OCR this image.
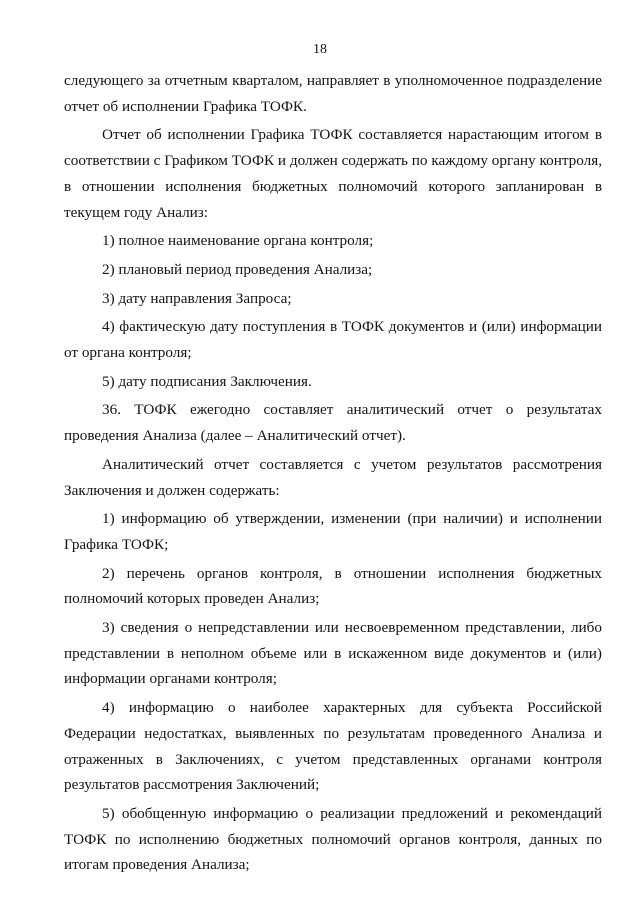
18

следующего за отчетным кварталом, направляет в уполномоченное подразделение отчет об исполнении Графика ТОФК.

Отчет об исполнении Графика ТОФК составляется нарастающим итогом в соответствии с Графиком ТОФК и должен содержать по каждому органу контроля, в отношении исполнения бюджетных полномочий которого запланирован в текущем году Анализ:

1) полное наименование органа контроля;

2) плановый период проведения Анализа;

3) дату направления Запроса;

4) фактическую дату поступления в ТОФК документов и (или) информации от органа контроля;

5) дату подписания Заключения.

36. ТОФК ежегодно составляет аналитический отчет о результатах проведения Анализа (далее – Аналитический отчет).

Аналитический отчет составляется с учетом результатов рассмотрения Заключения и должен содержать:

1) информацию об утверждении, изменении (при наличии) и исполнении Графика ТОФК;

2) перечень органов контроля, в отношении исполнения бюджетных полномочий которых проведен Анализ;

3) сведения о непредставлении или несвоевременном представлении, либо представлении в неполном объеме или в искаженном виде документов и (или) информации органами контроля;

4) информацию о наиболее характерных для субъекта Российской Федерации недостатках, выявленных по результатам проведенного Анализа и отраженных в Заключениях, с учетом представленных органами контроля результатов рассмотрения Заключений;

5) обобщенную информацию о реализации предложений и рекомендаций ТОФК по исполнению бюджетных полномочий органов контроля, данных по итогам проведения Анализа;
